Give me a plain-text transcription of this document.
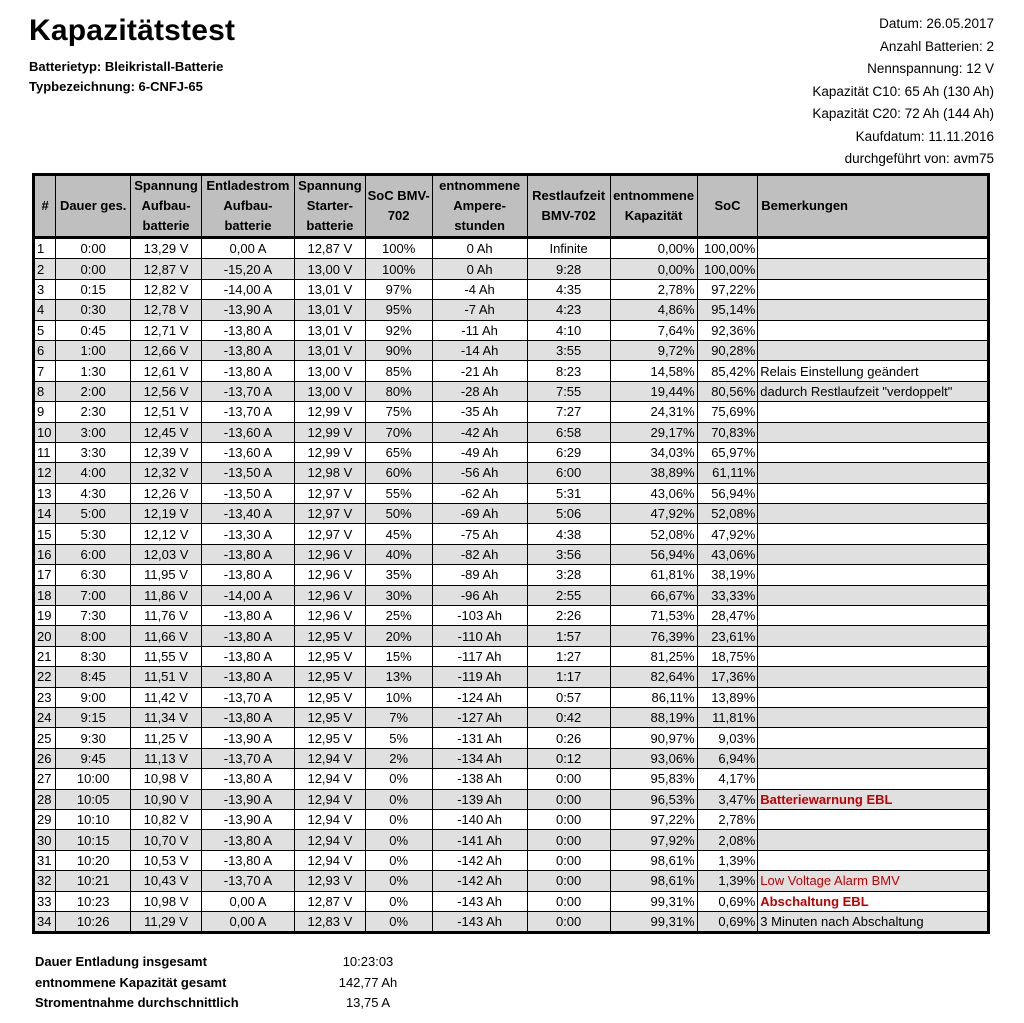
Kapazitätstest
Batterietyp: Bleikristall-Batterie
Typbezeichnung: 6-CNFJ-65
Datum: 26.05.2017
Anzahl Batterien: 2
Nennspannung: 12 V
Kapazität C10: 65 Ah (130 Ah)
Kapazität C20: 72 Ah (144 Ah)
Kaufdatum: 11.11.2016
durchgeführt von: avm75
#	Dauer ges.	Spannung Aufbau-batterie	Entladestrom Aufbau-batterie	Spannung Starter-batterie	SoC BMV-702	entnommene Ampere-stunden	Restlaufzeit BMV-702	entnommene Kapazität	SoC	Bemerkungen
1	0:00	13,29 V	0,00 A	12,87 V	100%	0 Ah	Infinite	0,00%	100,00%	
2	0:00	12,87 V	-15,20 A	13,00 V	100%	0 Ah	9:28	0,00%	100,00%	
3	0:15	12,82 V	-14,00 A	13,01 V	97%	-4 Ah	4:35	2,78%	97,22%	
4	0:30	12,78 V	-13,90 A	13,01 V	95%	-7 Ah	4:23	4,86%	95,14%	
5	0:45	12,71 V	-13,80 A	13,01 V	92%	-11 Ah	4:10	7,64%	92,36%	
6	1:00	12,66 V	-13,80 A	13,01 V	90%	-14 Ah	3:55	9,72%	90,28%	
7	1:30	12,61 V	-13,80 A	13,00 V	85%	-21 Ah	8:23	14,58%	85,42%	Relais Einstellung geändert
8	2:00	12,56 V	-13,70 A	13,00 V	80%	-28 Ah	7:55	19,44%	80,56%	dadurch Restlaufzeit "verdoppelt"
9	2:30	12,51 V	-13,70 A	12,99 V	75%	-35 Ah	7:27	24,31%	75,69%	
10	3:00	12,45 V	-13,60 A	12,99 V	70%	-42 Ah	6:58	29,17%	70,83%	
11	3:30	12,39 V	-13,60 A	12,99 V	65%	-49 Ah	6:29	34,03%	65,97%	
12	4:00	12,32 V	-13,50 A	12,98 V	60%	-56 Ah	6:00	38,89%	61,11%	
13	4:30	12,26 V	-13,50 A	12,97 V	55%	-62 Ah	5:31	43,06%	56,94%	
14	5:00	12,19 V	-13,40 A	12,97 V	50%	-69 Ah	5:06	47,92%	52,08%	
15	5:30	12,12 V	-13,30 A	12,97 V	45%	-75 Ah	4:38	52,08%	47,92%	
16	6:00	12,03 V	-13,80 A	12,96 V	40%	-82 Ah	3:56	56,94%	43,06%	
17	6:30	11,95 V	-13,80 A	12,96 V	35%	-89 Ah	3:28	61,81%	38,19%	
18	7:00	11,86 V	-14,00 A	12,96 V	30%	-96 Ah	2:55	66,67%	33,33%	
19	7:30	11,76 V	-13,80 A	12,96 V	25%	-103 Ah	2:26	71,53%	28,47%	
20	8:00	11,66 V	-13,80 A	12,95 V	20%	-110 Ah	1:57	76,39%	23,61%	
21	8:30	11,55 V	-13,80 A	12,95 V	15%	-117 Ah	1:27	81,25%	18,75%	
22	8:45	11,51 V	-13,80 A	12,95 V	13%	-119 Ah	1:17	82,64%	17,36%	
23	9:00	11,42 V	-13,70 A	12,95 V	10%	-124 Ah	0:57	86,11%	13,89%	
24	9:15	11,34 V	-13,80 A	12,95 V	7%	-127 Ah	0:42	88,19%	11,81%	
25	9:30	11,25 V	-13,90 A	12,95 V	5%	-131 Ah	0:26	90,97%	9,03%	
26	9:45	11,13 V	-13,70 A	12,94 V	2%	-134 Ah	0:12	93,06%	6,94%	
27	10:00	10,98 V	-13,80 A	12,94 V	0%	-138 Ah	0:00	95,83%	4,17%	
28	10:05	10,90 V	-13,90 A	12,94 V	0%	-139 Ah	0:00	96,53%	3,47%	Batteriewarnung EBL
29	10:10	10,82 V	-13,90 A	12,94 V	0%	-140 Ah	0:00	97,22%	2,78%	
30	10:15	10,70 V	-13,80 A	12,94 V	0%	-141 Ah	0:00	97,92%	2,08%	
31	10:20	10,53 V	-13,80 A	12,94 V	0%	-142 Ah	0:00	98,61%	1,39%	
32	10:21	10,43 V	-13,70 A	12,93 V	0%	-142 Ah	0:00	98,61%	1,39%	Low Voltage Alarm BMV
33	10:23	10,98 V	0,00 A	12,87 V	0%	-143 Ah	0:00	99,31%	0,69%	Abschaltung EBL
34	10:26	11,29 V	0,00 A	12,83 V	0%	-143 Ah	0:00	99,31%	0,69%	3 Minuten nach Abschaltung
Dauer Entladung insgesamt	10:23:03
entnommene Kapazität gesamt	142,77 Ah
Stromentnahme durchschnittlich	13,75 A
